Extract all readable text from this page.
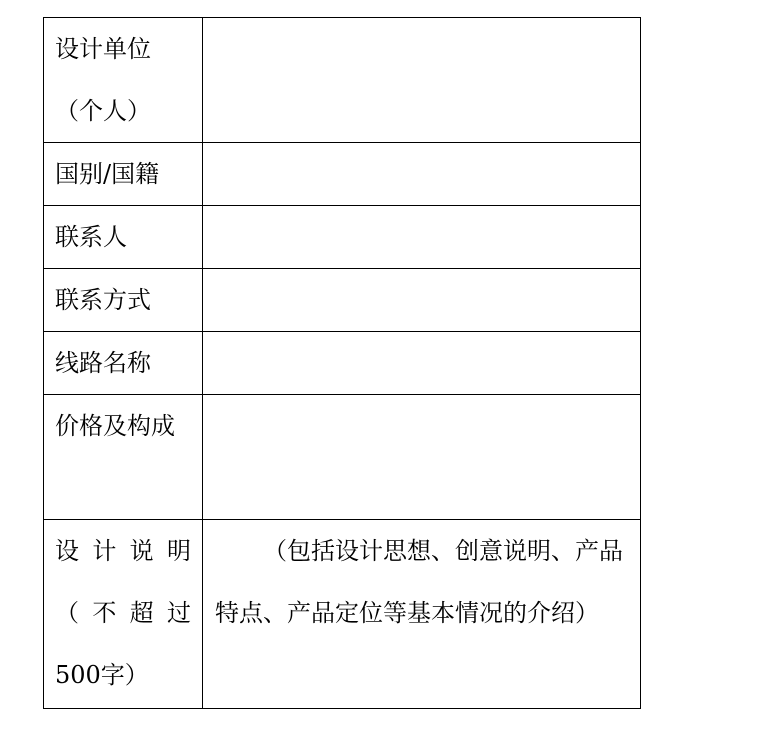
设计单位（个人）	

国别/国籍	

联系人	

联系方式	

线路名称	

价格及构成	

设计说明（不超过500字）	（包括设计思想、创意说明、产品特点、产品定位等基本情况的介绍）
